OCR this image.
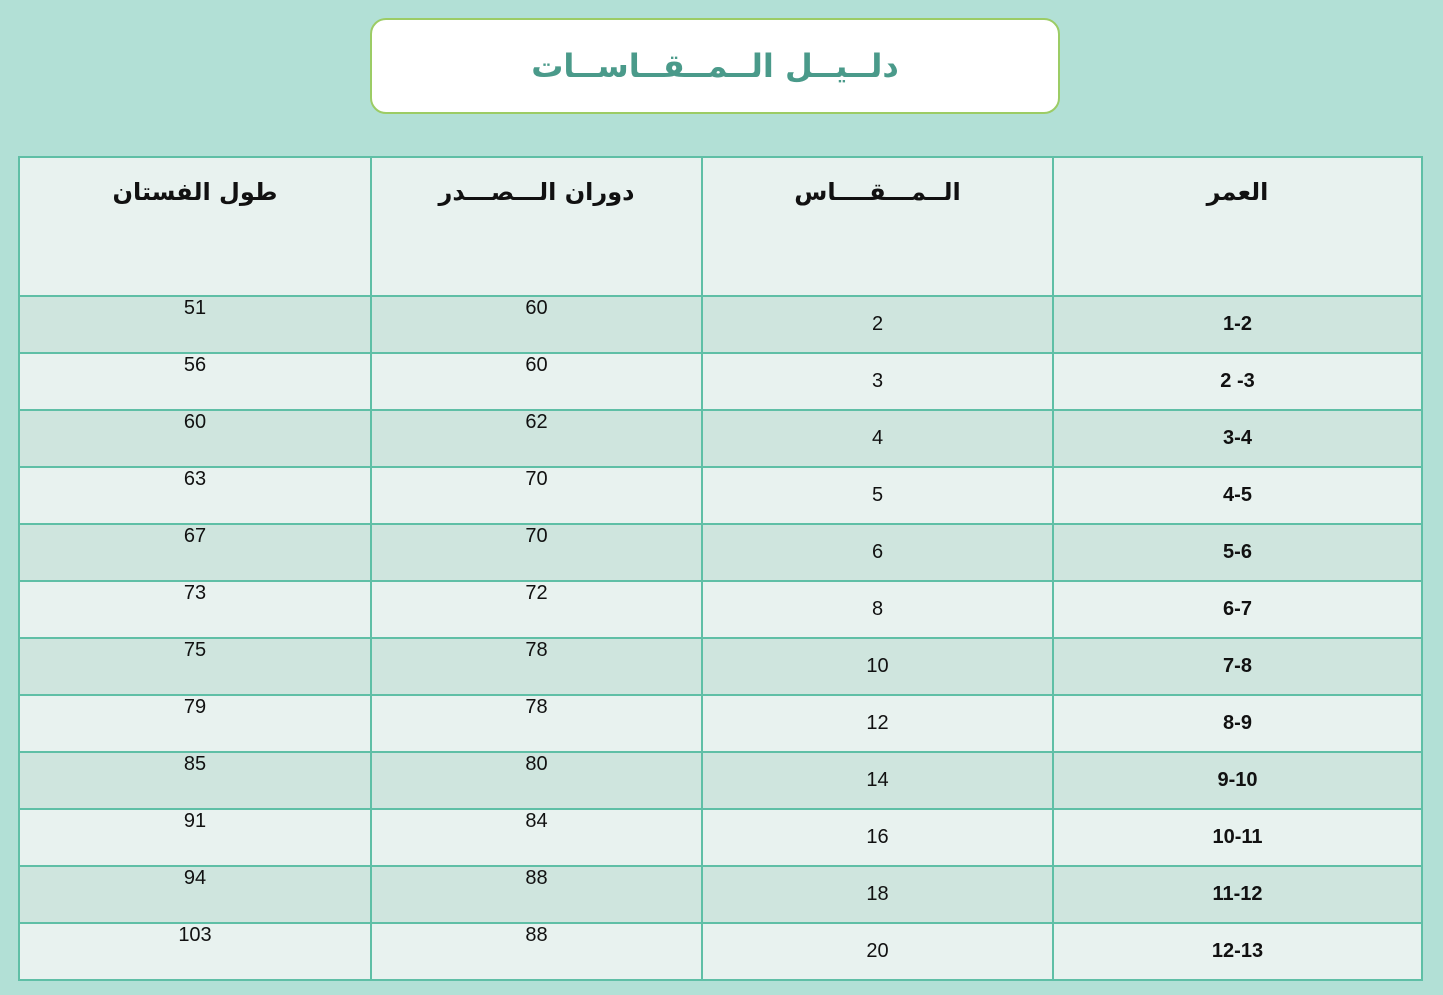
دلــيــل الــمــقــاســات
طول الفستان	دوران الـــصـــدر	الــمـــقــــاس	العمر
51	60	2	1-2
56	60	3	2 -3
60	62	4	3-4
63	70	5	4-5
67	70	6	5-6
73	72	8	6-7
75	78	10	7-8
79	78	12	8-9
85	80	14	9-10
91	84	16	10-11
94	88	18	11-12
103	88	20	12-13
